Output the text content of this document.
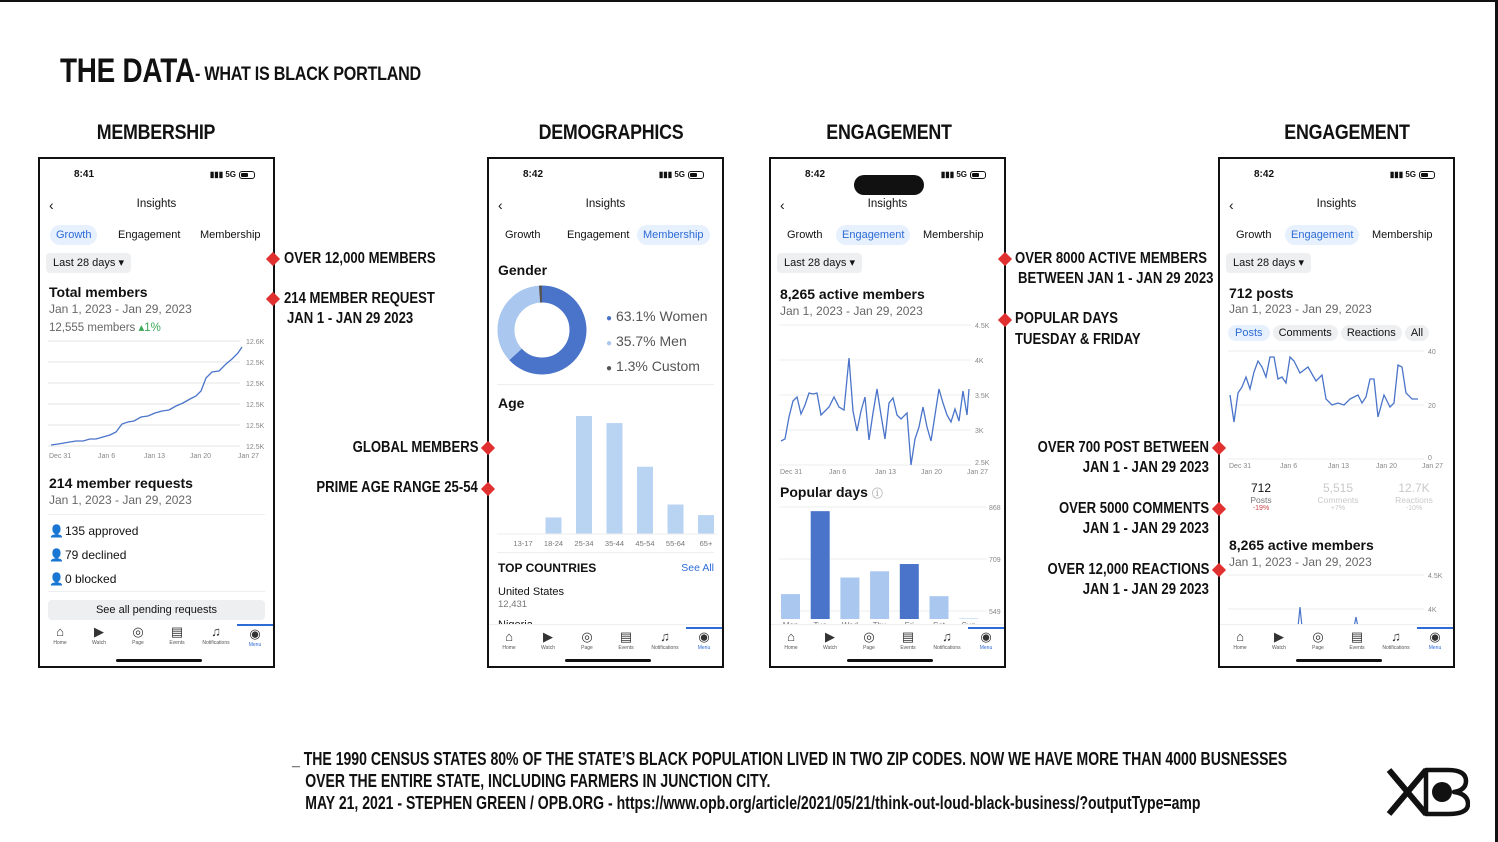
THE DATA - WHAT IS BLACK PORTLAND
MEMBERSHIP	DEMOGRAPHICS	ENGAGEMENT	ENGAGEMENT
8:41	▮▮▮ 5G
‹	Insights
Growth	Engagement	Membership
Last 28 days ▾
Total members
Jan 1, 2023 - Jan 29, 2023
12,555 members ▴1%
12.6K
12.5K
12.5K
12.5K
12.5K
12.5K
Dec 31	Jan 6	Jan 13	Jan 20	Jan 27
214 member requests
Jan 1, 2023 - Jan 29, 2023
👤135 approved
👤79 declined
👤0 blocked
See all pending requests
⌂
Home
▶
Watch
◎
Page
▤
Events
♫
Notifications
◉
Menu
8:42	▮▮▮ 5G
‹	Insights
Growth	Engagement	Membership
Gender
● 63.1% Women
● 35.7% Men
● 1.3% Custom
Age
13-17 18-24 25-34 35-44 45-54 55-64 65+
TOP COUNTRIES	See All
United States
12,431
⌂
Home
▶
Watch
◎
Page
▤
Events
♫
Notifications
◉
Menu
8:42	▮▮▮ 5G
‹	Insights
Growth	Engagement	Membership
Last 28 days ▾
8,265 active members
Jan 1, 2023 - Jan 29, 2023
4.5K
4K
3.5K
3K
2.5K
Dec 31	Jan 6	Jan 13	Jan 20	Jan 27
Popular days ⓘ
868
709
549
⌂
Home
▶
Watch
◎
Page
▤
Events
♫
Notifications
◉
Menu
8:42	▮▮▮ 5G
‹	Insights
Growth	Engagement	Membership
Last 28 days ▾
712 posts
Jan 1, 2023 - Jan 29, 2023
Posts Comments Reactions All
40
20
0
Dec 31	Jan 6	Jan 13	Jan 20	Jan 27
712
Posts
-19%
5,515
Comments
+7%
12.7K
Reactions
-10%
8,265 active members
Jan 1, 2023 - Jan 29, 2023
4.5K
4K
⌂
Home
▶
Watch
◎
Page
▤
Events
♫
Notifications
◉
Menu
OVER 12,000 MEMBERS
214 MEMBER REQUEST
JAN 1 - JAN 29 2023
GLOBAL MEMBERS
PRIME AGE RANGE 25-54
OVER 8000 ACTIVE MEMBERS
BETWEEN JAN 1 - JAN 29 2023
POPULAR DAYS
TUESDAY & FRIDAY
OVER 700 POST BETWEEN
JAN 1 - JAN 29 2023
OVER 5000 COMMENTS
JAN 1 - JAN 29 2023
OVER 12,000 REACTIONS
JAN 1 - JAN 29 2023
_ THE 1990 CENSUS STATES 80% OF THE STATE’S BLACK POPULATION LIVED IN TWO ZIP CODES. NOW WE HAVE MORE THAN 4000 BUSNESSES
OVER THE ENTIRE STATE, INCLUDING FARMERS IN JUNCTION CITY.
MAY 21, 2021 - STEPHEN GREEN / OPB.ORG - https://www.opb.org/article/2021/05/21/think-out-loud-black-business/?outputType=amp
